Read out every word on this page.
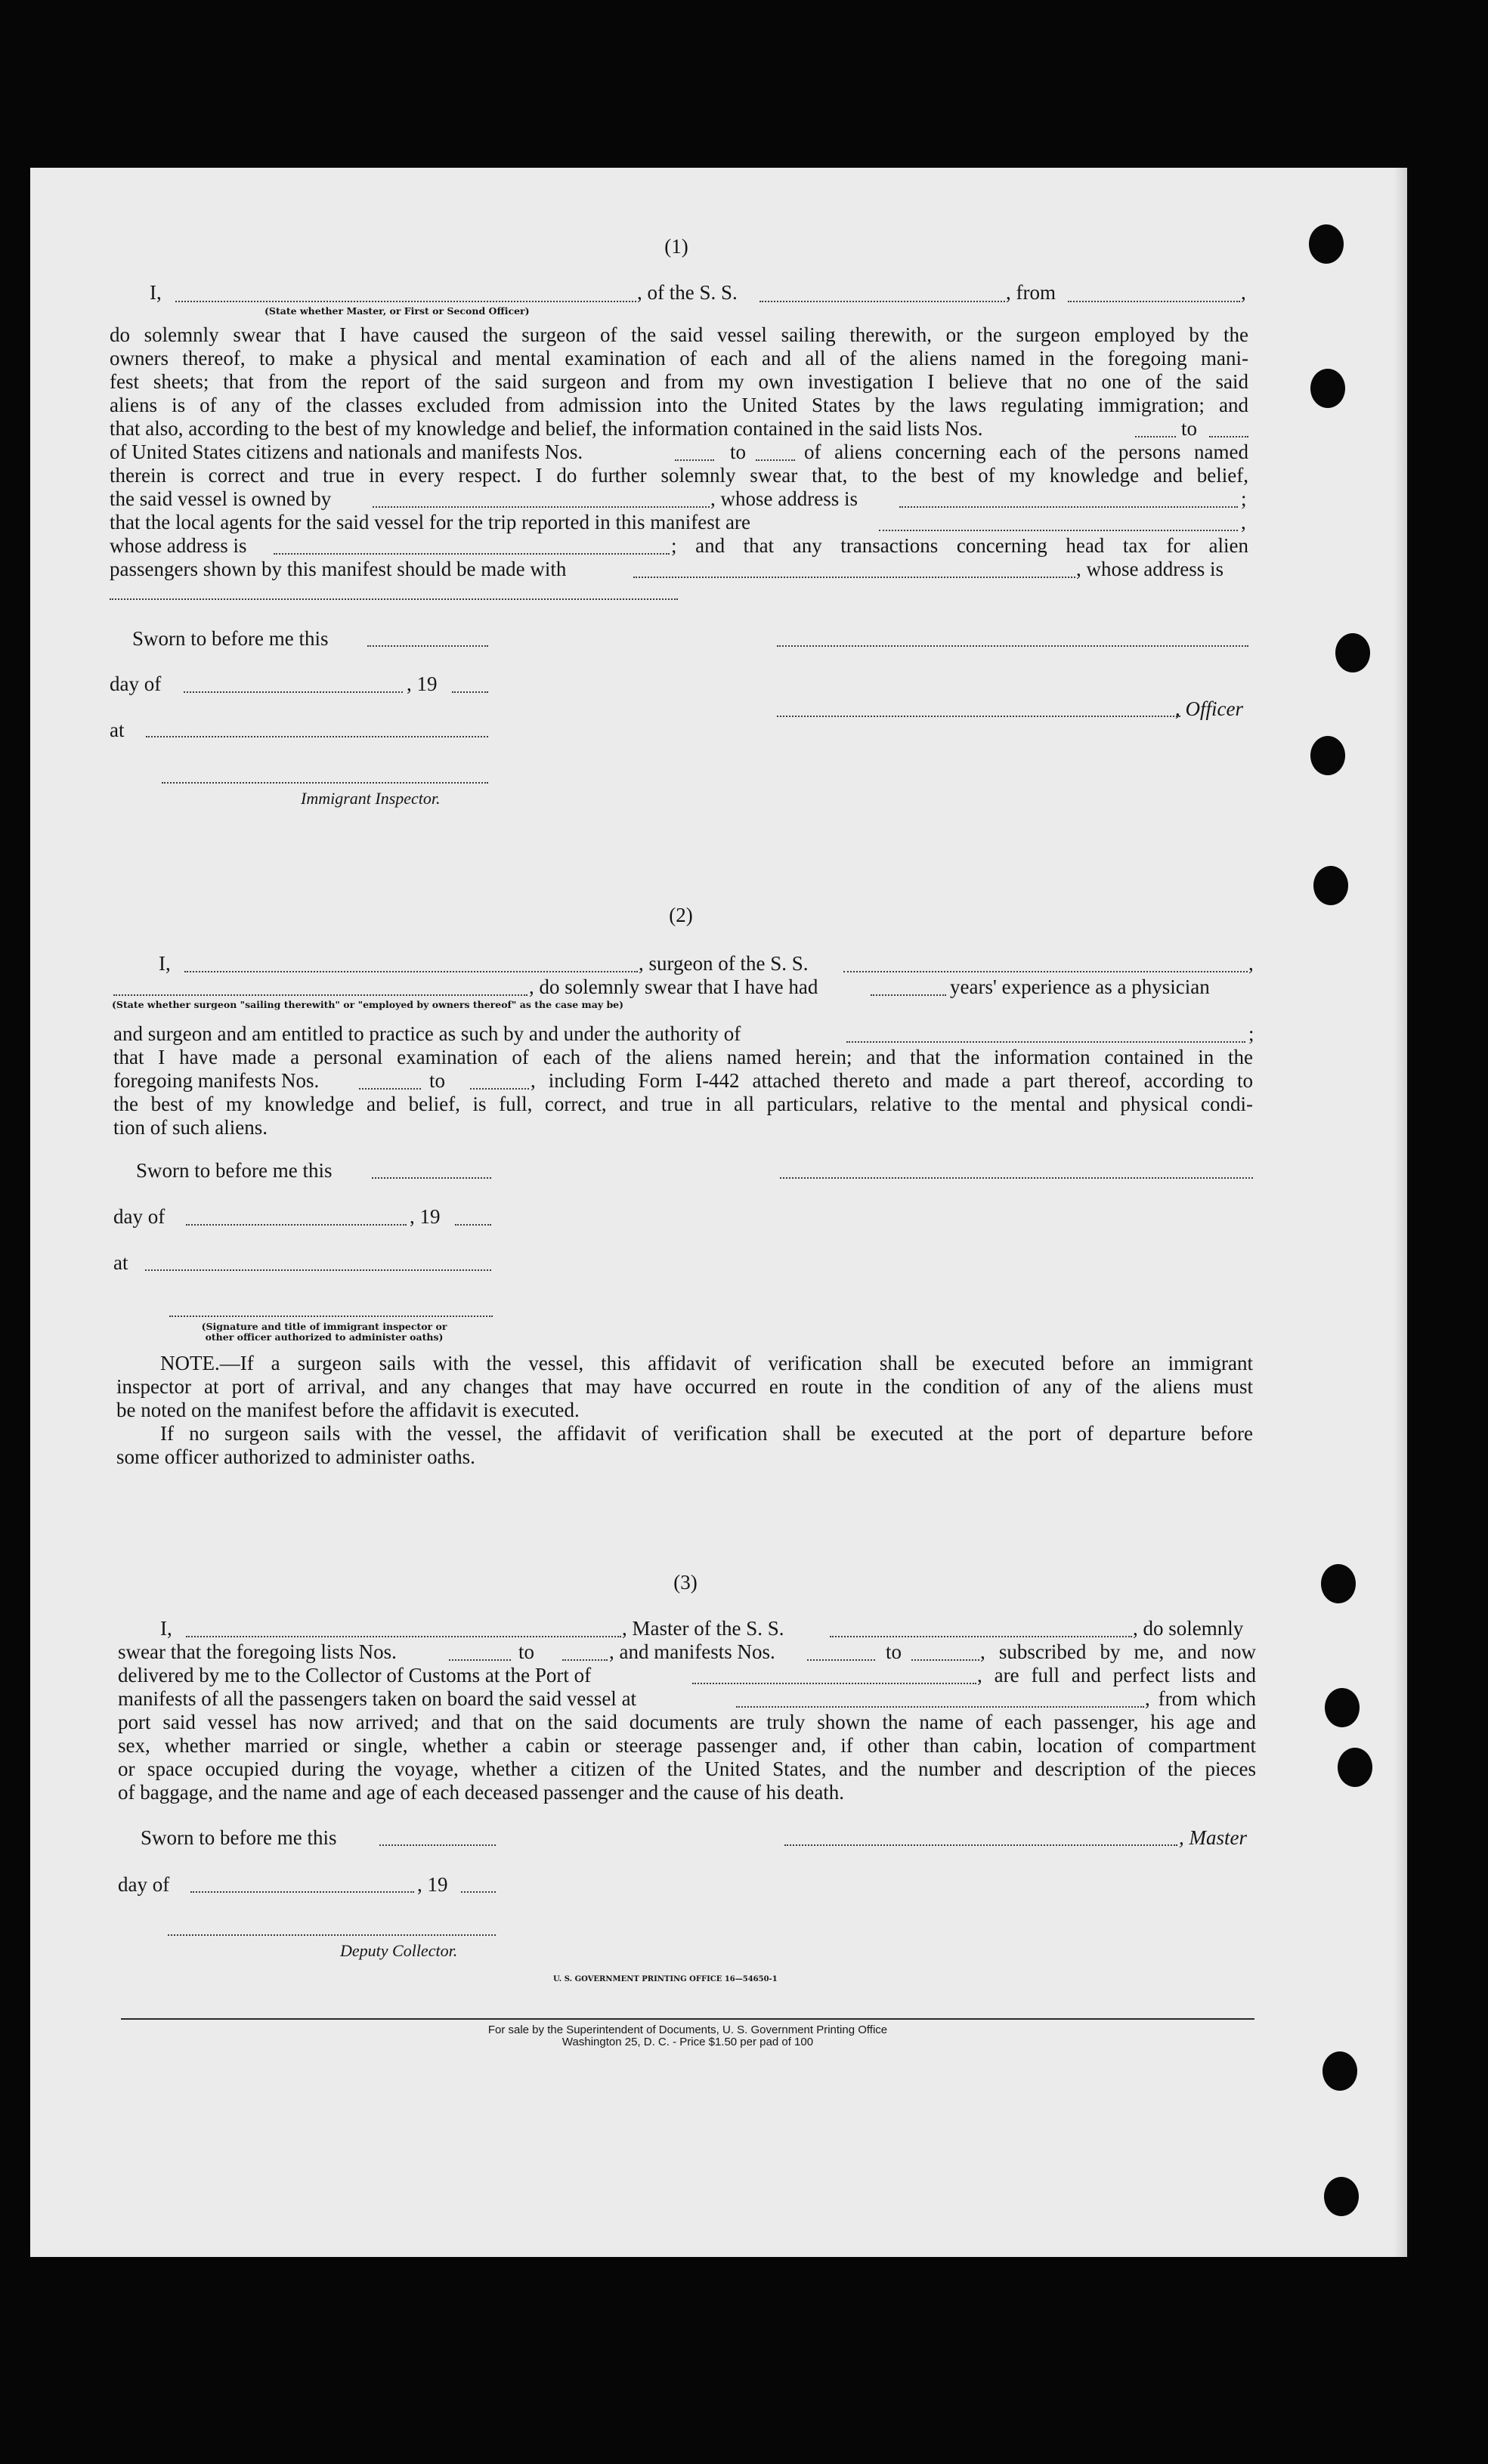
(1)
I,	, of the S. S.	, from	,
(State whether Master, or First or Second Officer)
do solemnly swear that I have caused the surgeon of the said vessel sailing therewith, or the surgeon employed by the
owners thereof, to make a physical and mental examination of each and all of the aliens named in the foregoing mani-
fest sheets; that from the report of the said surgeon and from my own investigation I believe that no one of the said
aliens is of any of the classes excluded from admission into the United States by the laws regulating immigration; and
that also, according to the best of my knowledge and belief, the information contained in the said lists Nos.	to
of United States citizens and nationals and manifests Nos.	to	of aliens concerning each of the persons named
therein is correct and true in every respect. I do further solemnly swear that, to the best of my knowledge and belief,
the said vessel is owned by	, whose address is	;
that the local agents for the said vessel for the trip reported in this manifest are	,
whose address is	; and that any transactions concerning head tax for alien
passengers shown by this manifest should be made with	, whose address is
Sworn to before me this
day of	, 19
, Officer
at
Immigrant Inspector.
(2)
I,	, surgeon of the S. S.	,
, do solemnly swear that I have had	years' experience as a physician
(State whether surgeon "sailing therewith" or "employed by owners thereof" as the case may be)
and surgeon and am entitled to practice as such by and under the authority of	;
that I have made a personal examination of each of the aliens named herein; and that the information contained in the
foregoing manifests Nos.	to	, including Form I-442 attached thereto and made a part thereof, according to
the best of my knowledge and belief, is full, correct, and true in all particulars, relative to the mental and physical condi-
tion of such aliens.
Sworn to before me this
day of	, 19
at
(Signature and title of immigrant inspector or
other officer authorized to administer oaths)
NOTE.—If a surgeon sails with the vessel, this affidavit of verification shall be executed before an immigrant
inspector at port of arrival, and any changes that may have occurred en route in the condition of any of the aliens must
be noted on the manifest before the affidavit is executed.
If no surgeon sails with the vessel, the affidavit of verification shall be executed at the port of departure before
some officer authorized to administer oaths.
(3)
I,	, Master of the S. S.	, do solemnly
swear that the foregoing lists Nos.	to	, and manifests Nos.	to	, subscribed by me, and now
delivered by me to the Collector of Customs at the Port of	, are full and perfect lists and
manifests of all the passengers taken on board the said vessel at	, from which
port said vessel has now arrived; and that on the said documents are truly shown the name of each passenger, his age and
sex, whether married or single, whether a cabin or steerage passenger and, if other than cabin, location of compartment
or space occupied during the voyage, whether a citizen of the United States, and the number and description of the pieces
of baggage, and the name and age of each deceased passenger and the cause of his death.
Sworn to before me this	, Master
day of	, 19
Deputy Collector.
U. S. GOVERNMENT PRINTING OFFICE 16—54650-1
For sale by the Superintendent of Documents, U. S. Government Printing Office
Washington 25, D. C. - Price $1.50 per pad of 100
